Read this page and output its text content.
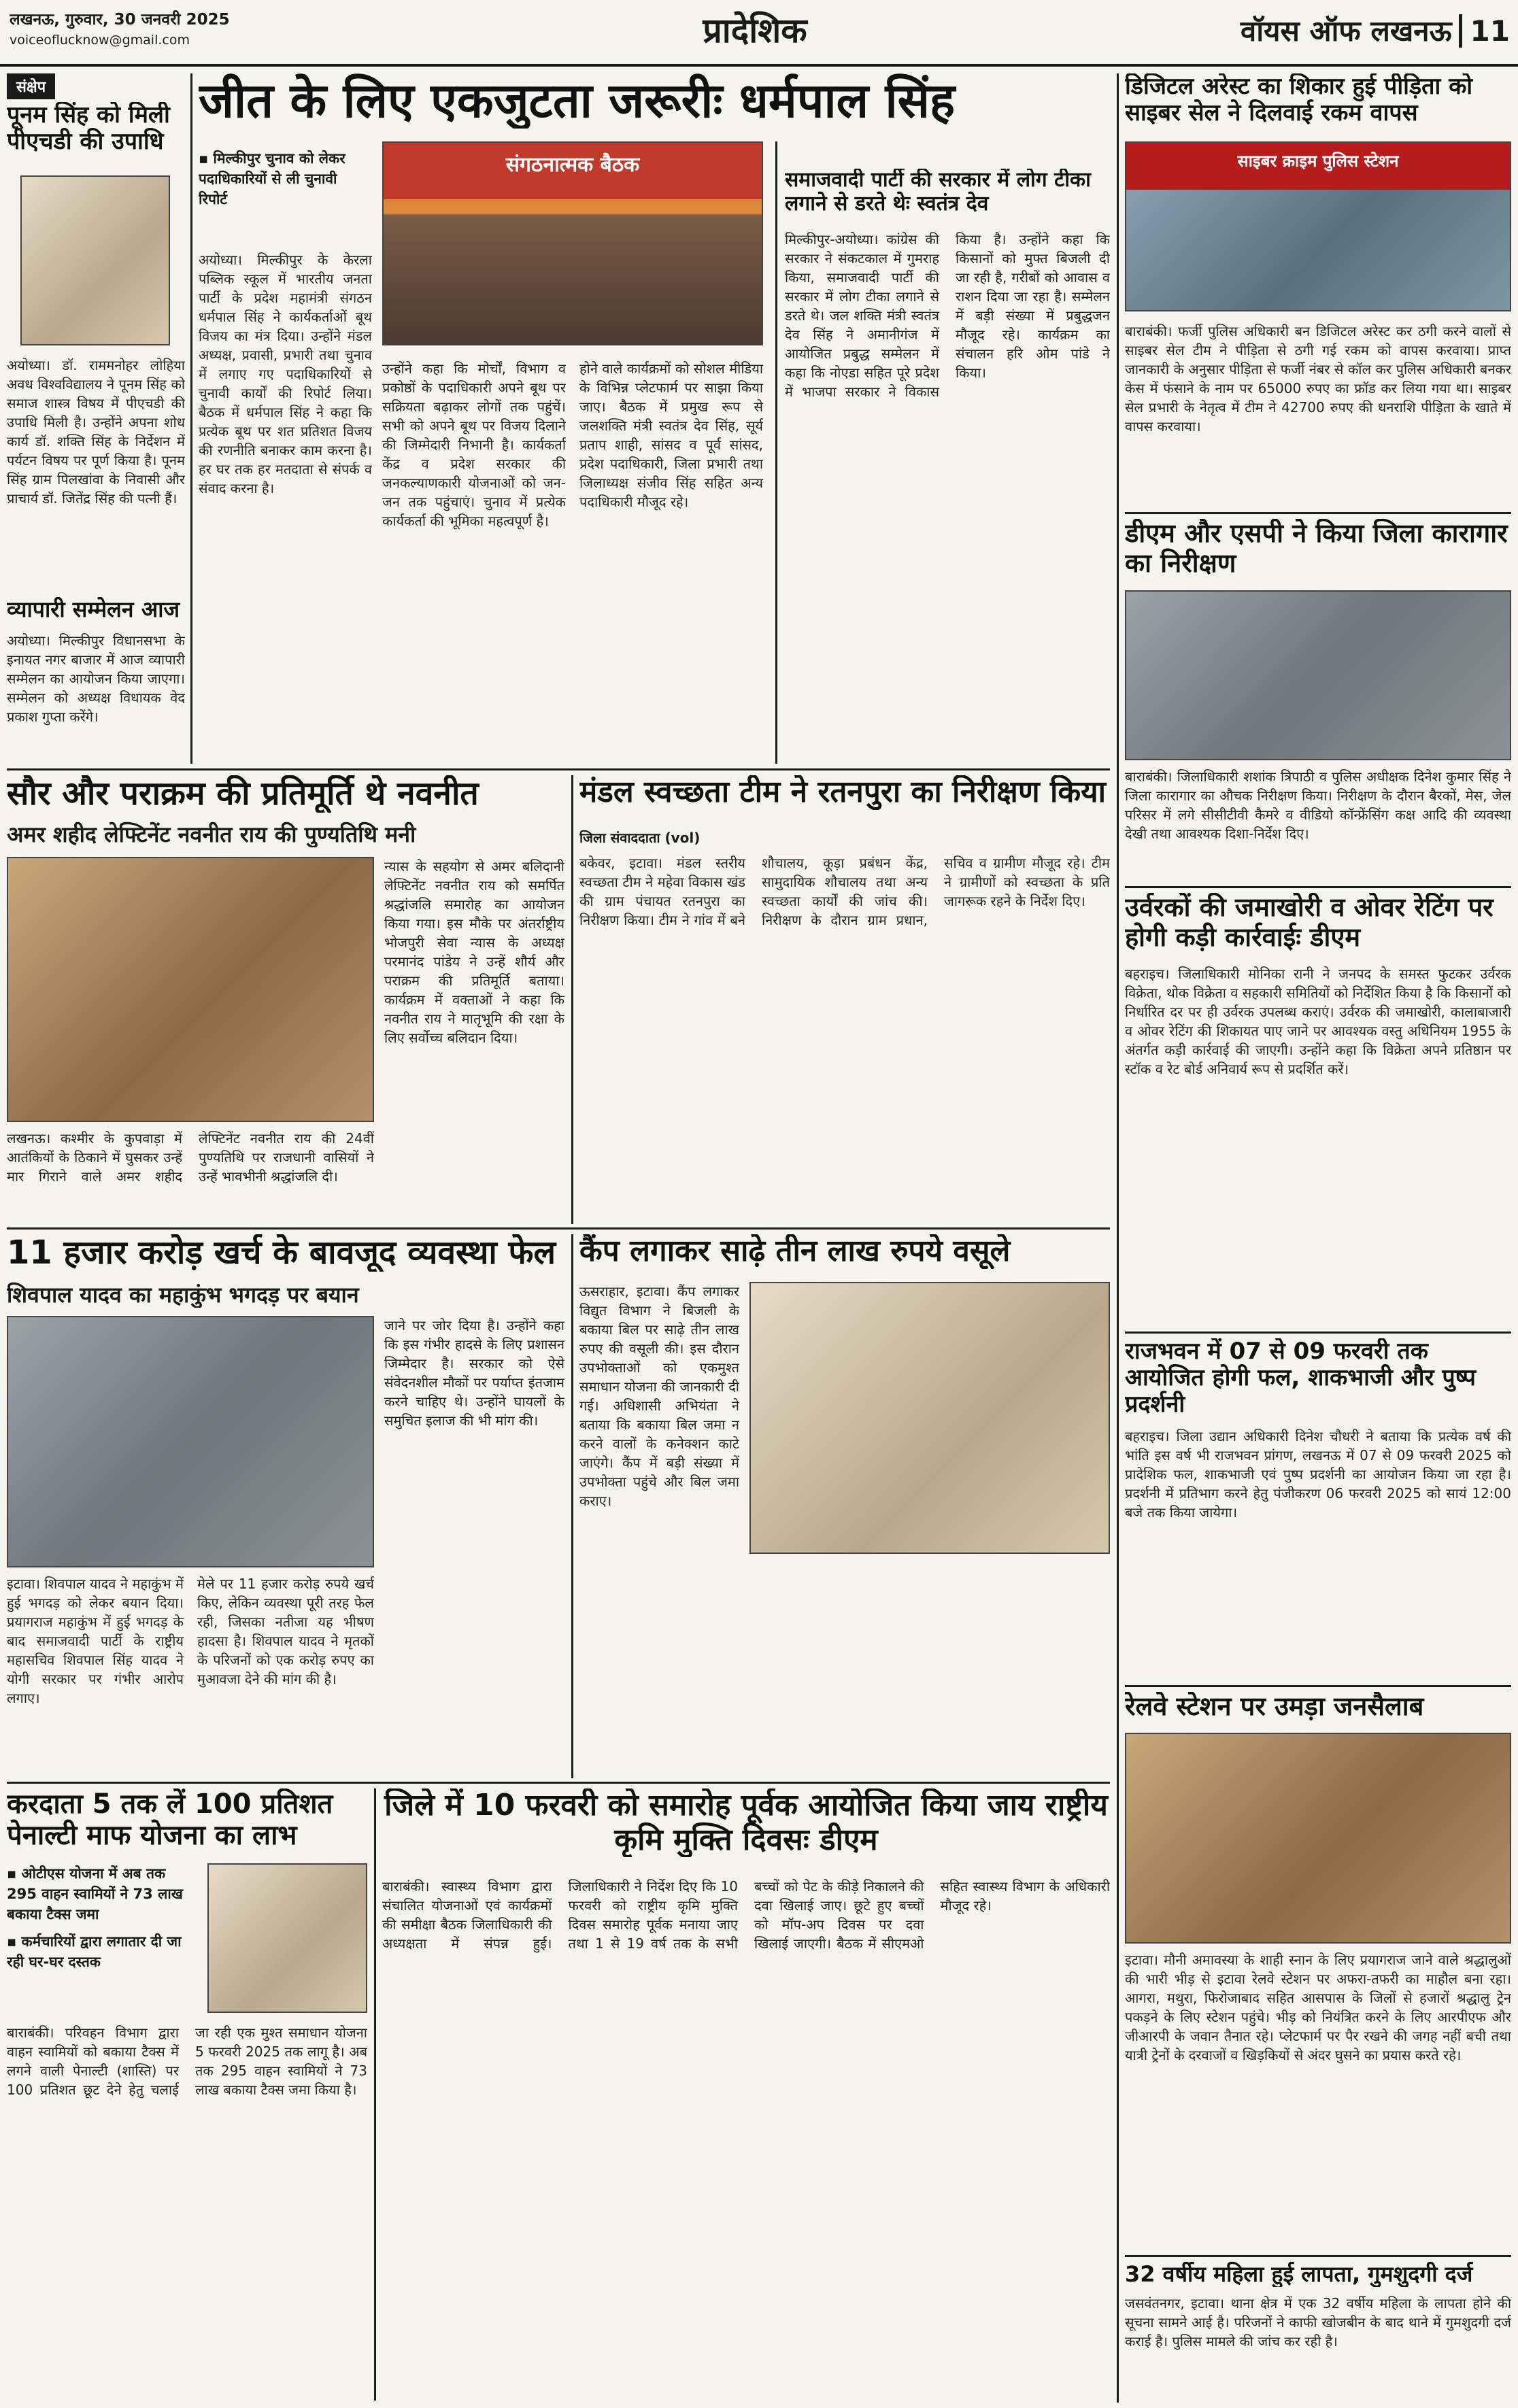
लखनऊ, गुरुवार, 30 जनवरी 2025
voiceoflucknow@gmail.com	प्रादेशिक	वॉयस ऑफ लखनऊ 11
संक्षेप
पूनम सिंह को मिली पीएचडी की उपाधि
अयोध्या। डॉ. राममनोहर लोहिया अवध विश्वविद्यालय ने पूनम सिंह को समाज शास्त्र विषय में पीएचडी की उपाधि मिली है। उन्होंने अपना शोध कार्य डॉ. शक्ति सिंह के निर्देशन में पर्यटन विषय पर पूर्ण किया है। पूनम सिंह ग्राम पिलखांवा के निवासी और प्राचार्य डॉ. जितेंद्र सिंह की पत्नी हैं।
व्यापारी सम्मेलन आज
अयोध्या। मिल्कीपुर विधानसभा के इनायत नगर बाजार में आज व्यापारी सम्मेलन का आयोजन किया जाएगा। सम्मेलन को अध्यक्ष विधायक वेद प्रकाश गुप्ता करेंगे।
जीत के लिए एकजुटता जरूरीः धर्मपाल सिंह
▪ मिल्कीपुर चुनाव को लेकर पदाधिकारियों से ली चुनावी रिपोर्ट
संगठनात्मक बैठक
अयोध्या। मिल्कीपुर के केरला पब्लिक स्कूल में भारतीय जनता पार्टी के प्रदेश महामंत्री संगठन धर्मपाल सिंह ने कार्यकर्ताओं बूथ विजय का मंत्र दिया। उन्होंने मंडल अध्यक्ष, प्रवासी, प्रभारी तथा चुनाव में लगाए गए पदाधिकारियों से चुनावी कार्यों की रिपोर्ट लिया। बैठक में धर्मपाल सिंह ने कहा कि प्रत्येक बूथ पर शत प्रतिशत विजय की रणनीति बनाकर काम करना है। हर घर तक हर मतदाता से संपर्क व संवाद करना है।
उन्होंने कहा कि मोर्चों, विभाग व प्रकोष्ठों के पदाधिकारी अपने बूथ पर सक्रियता बढ़ाकर लोगों तक पहुंचें। सभी को अपने बूथ पर विजय दिलाने की जिम्मेदारी निभानी है। कार्यकर्ता केंद्र व प्रदेश सरकार की जनकल्याणकारी योजनाओं को जन-जन तक पहुंचाएं। चुनाव में प्रत्येक कार्यकर्ता की भूमिका महत्वपूर्ण है।
होने वाले कार्यक्रमों को सोशल मीडिया के विभिन्न प्लेटफार्म पर साझा किया जाए। बैठक में प्रमुख रूप से जलशक्ति मंत्री स्वतंत्र देव सिंह, सूर्य प्रताप शाही, सांसद व पूर्व सांसद, प्रदेश पदाधिकारी, जिला प्रभारी तथा जिलाध्यक्ष संजीव सिंह सहित अन्य पदाधिकारी मौजूद रहे।
समाजवादी पार्टी की सरकार में लोग टीका लगाने से डरते थेः स्वतंत्र देव
मिल्कीपुर-अयोध्या। कांग्रेस की सरकार ने संकटकाल में गुमराह किया, समाजवादी पार्टी की सरकार में लोग टीका लगाने से डरते थे। जल शक्ति मंत्री स्वतंत्र देव सिंह ने अमानीगंज में आयोजित प्रबुद्ध सम्मेलन में कहा कि नोएडा सहित पूरे प्रदेश में भाजपा सरकार ने विकास किया है। उन्होंने कहा कि किसानों को मुफ्त बिजली दी जा रही है, गरीबों को आवास व राशन दिया जा रहा है। सम्मेलन में बड़ी संख्या में प्रबुद्धजन मौजूद रहे। कार्यक्रम का संचालन हरि ओम पांडे ने किया।
डिजिटल अरेस्ट का शिकार हुई पीड़िता को साइबर सेल ने दिलवाई रकम वापस
साइबर क्राइम पुलिस स्टेशन
बाराबंकी। फर्जी पुलिस अधिकारी बन डिजिटल अरेस्ट कर ठगी करने वालों से साइबर सेल टीम ने पीड़िता से ठगी गई रकम को वापस करवाया। प्राप्त जानकारी के अनुसार पीड़िता से फर्जी नंबर से कॉल कर पुलिस अधिकारी बनकर केस में फंसाने के नाम पर 65000 रुपए का फ्रॉड कर लिया गया था। साइबर सेल प्रभारी के नेतृत्व में टीम ने 42700 रुपए की धनराशि पीड़िता के खाते में वापस करवाया।
डीएम और एसपी ने किया जिला कारागार का निरीक्षण
बाराबंकी। जिलाधिकारी शशांक त्रिपाठी व पुलिस अधीक्षक दिनेश कुमार सिंह ने जिला कारागार का औचक निरीक्षण किया। निरीक्षण के दौरान बैरकों, मेस, जेल परिसर में लगे सीसीटीवी कैमरे व वीडियो कॉन्फ्रेंसिंग कक्ष आदि की व्यवस्था देखी तथा आवश्यक दिशा-निर्देश दिए।
उर्वरकों की जमाखोरी व ओवर रेटिंग पर होगी कड़ी कार्रवाईः डीएम
बहराइच। जिलाधिकारी मोनिका रानी ने जनपद के समस्त फुटकर उर्वरक विक्रेता, थोक विक्रेता व सहकारी समितियों को निर्देशित किया है कि किसानों को निर्धारित दर पर ही उर्वरक उपलब्ध कराएं। उर्वरक की जमाखोरी, कालाबाजारी व ओवर रेटिंग की शिकायत पाए जाने पर आवश्यक वस्तु अधिनियम 1955 के अंतर्गत कड़ी कार्रवाई की जाएगी। उन्होंने कहा कि विक्रेता अपने प्रतिष्ठान पर स्टॉक व रेट बोर्ड अनिवार्य रूप से प्रदर्शित करें।
राजभवन में 07 से 09 फरवरी तक आयोजित होगी फल, शाकभाजी और पुष्प प्रदर्शनी
बहराइच। जिला उद्यान अधिकारी दिनेश चौधरी ने बताया कि प्रत्येक वर्ष की भांति इस वर्ष भी राजभवन प्रांगण, लखनऊ में 07 से 09 फरवरी 2025 को प्रादेशिक फल, शाकभाजी एवं पुष्प प्रदर्शनी का आयोजन किया जा रहा है। प्रदर्शनी में प्रतिभाग करने हेतु पंजीकरण 06 फरवरी 2025 को सायं 12:00 बजे तक किया जायेगा।
रेलवे स्टेशन पर उमड़ा जनसैलाब
इटावा। मौनी अमावस्या के शाही स्नान के लिए प्रयागराज जाने वाले श्रद्धालुओं की भारी भीड़ से इटावा रेलवे स्टेशन पर अफरा-तफरी का माहौल बना रहा। आगरा, मथुरा, फिरोजाबाद सहित आसपास के जिलों से हजारों श्रद्धालु ट्रेन पकड़ने के लिए स्टेशन पहुंचे। भीड़ को नियंत्रित करने के लिए आरपीएफ और जीआरपी के जवान तैनात रहे। प्लेटफार्म पर पैर रखने की जगह नहीं बची तथा यात्री ट्रेनों के दरवाजों व खिड़कियों से अंदर घुसने का प्रयास करते रहे।
32 वर्षीय महिला हुई लापता, गुमशुदगी दर्ज
जसवंतनगर, इटावा। थाना क्षेत्र में एक 32 वर्षीय महिला के लापता होने की सूचना सामने आई है। परिजनों ने काफी खोजबीन के बाद थाने में गुमशुदगी दर्ज कराई है। पुलिस मामले की जांच कर रही है।
सौर और पराक्रम की प्रतिमूर्ति थे नवनीत
अमर शहीद लेफ्टिनेंट नवनीत राय की पुण्यतिथि मनी
लखनऊ। कश्मीर के कुपवाड़ा में आतंकियों के ठिकाने में घुसकर उन्हें मार गिराने वाले अमर शहीद लेफ्टिनेंट नवनीत राय की 24वीं पुण्यतिथि पर राजधानी वासियों ने उन्हें भावभीनी श्रद्धांजलि दी।
न्यास के सहयोग से अमर बलिदानी लेफ्टिनेंट नवनीत राय को समर्पित श्रद्धांजलि समारोह का आयोजन किया गया। इस मौके पर अंतर्राष्ट्रीय भोजपुरी सेवा न्यास के अध्यक्ष परमानंद पांडेय ने उन्हें शौर्य और पराक्रम की प्रतिमूर्ति बताया। कार्यक्रम में वक्ताओं ने कहा कि नवनीत राय ने मातृभूमि की रक्षा के लिए सर्वोच्च बलिदान दिया।
मंडल स्वच्छता टीम ने रतनपुरा का निरीक्षण किया
जिला संवाददाता (vol)
बकेवर, इटावा। मंडल स्तरीय स्वच्छता टीम ने महेवा विकास खंड की ग्राम पंचायत रतनपुरा का निरीक्षण किया। टीम ने गांव में बने शौचालय, कूड़ा प्रबंधन केंद्र, सामुदायिक शौचालय तथा अन्य स्वच्छता कार्यों की जांच की। निरीक्षण के दौरान ग्राम प्रधान, सचिव व ग्रामीण मौजूद रहे। टीम ने ग्रामीणों को स्वच्छता के प्रति जागरूक रहने के निर्देश दिए।
11 हजार करोड़ खर्च के बावजूद व्यवस्था फेल
शिवपाल यादव का महाकुंभ भगदड़ पर बयान
इटावा। शिवपाल यादव ने महाकुंभ में हुई भगदड़ को लेकर बयान दिया। प्रयागराज महाकुंभ में हुई भगदड़ के बाद समाजवादी पार्टी के राष्ट्रीय महासचिव शिवपाल सिंह यादव ने योगी सरकार पर गंभीर आरोप लगाए।
मेले पर 11 हजार करोड़ रुपये खर्च किए, लेकिन व्यवस्था पूरी तरह फेल रही, जिसका नतीजा यह भीषण हादसा है। शिवपाल यादव ने मृतकों के परिजनों को एक करोड़ रुपए का मुआवजा देने की मांग की है।
जाने पर जोर दिया है। उन्होंने कहा कि इस गंभीर हादसे के लिए प्रशासन जिम्मेदार है। सरकार को ऐसे संवेदनशील मौकों पर पर्याप्त इंतजाम करने चाहिए थे। उन्होंने घायलों के समुचित इलाज की भी मांग की।
कैंप लगाकर साढ़े तीन लाख रुपये वसूले
ऊसराहार, इटावा। कैंप लगाकर विद्युत विभाग ने बिजली के बकाया बिल पर साढ़े तीन लाख रुपए की वसूली की। इस दौरान उपभोक्ताओं को एकमुश्त समाधान योजना की जानकारी दी गई। अधिशासी अभियंता ने बताया कि बकाया बिल जमा न करने वालों के कनेक्शन काटे जाएंगे। कैंप में बड़ी संख्या में उपभोक्ता पहुंचे और बिल जमा कराए।
करदाता 5 तक लें 100 प्रतिशत पेनाल्टी माफ योजना का लाभ
▪ ओटीएस योजना में अब तक 295 वाहन स्वामियों ने 73 लाख बकाया टैक्स जमा
▪ कर्मचारियों द्वारा लगातार दी जा रही घर-घर दस्तक
बाराबंकी। परिवहन विभाग द्वारा वाहन स्वामियों को बकाया टैक्स में लगने वाली पेनाल्टी (शास्ति) पर 100 प्रतिशत छूट देने हेतु चलाई जा रही एक मुश्त समाधान योजना 5 फरवरी 2025 तक लागू है। अब तक 295 वाहन स्वामियों ने 73 लाख बकाया टैक्स जमा किया है।
जिले में 10 फरवरी को समारोह पूर्वक आयोजित किया जाय राष्ट्रीय कृमि मुक्ति दिवसः डीएम
बाराबंकी। स्वास्थ्य विभाग द्वारा संचालित योजनाओं एवं कार्यक्रमों की समीक्षा बैठक जिलाधिकारी की अध्यक्षता में संपन्न हुई। जिलाधिकारी ने निर्देश दिए कि 10 फरवरी को राष्ट्रीय कृमि मुक्ति दिवस समारोह पूर्वक मनाया जाए तथा 1 से 19 वर्ष तक के सभी बच्चों को पेट के कीड़े निकालने की दवा खिलाई जाए। छूटे हुए बच्चों को मॉप-अप दिवस पर दवा खिलाई जाएगी। बैठक में सीएमओ सहित स्वास्थ्य विभाग के अधिकारी मौजूद रहे।
